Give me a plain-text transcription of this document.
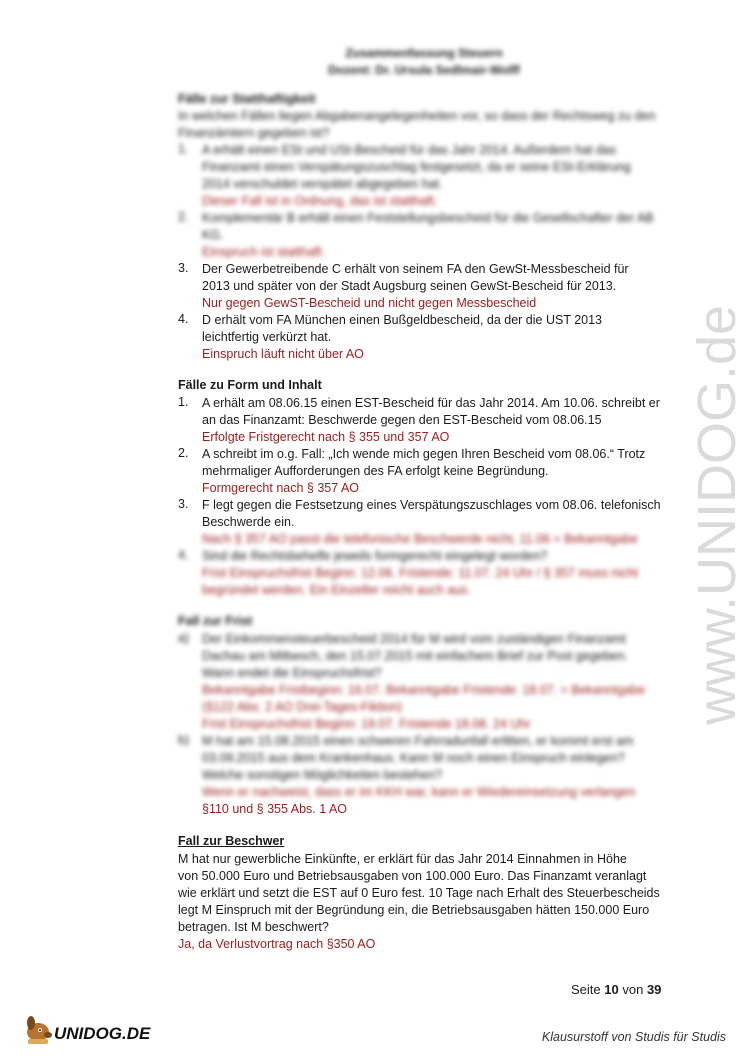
Zusammenfassung Steuern
Dozent: Dr. Ursula Sedlmair-Wolff
Fälle zur Statthaftigkeit
In welchen Fällen liegen Abgabenangelegenheiten vor, so dass der Rechtsweg zu den
Finanzämtern gegeben ist?
1.	A erhält einen ESt und USt-Bescheid für das Jahr 2014. Außerdem hat das
Finanzamt einen Verspätungszuschlag festgesetzt, da er seine ESt-Erklärung
2014 verschuldet verspätet abgegeben hat.
Dieser Fall ist in Ordnung, das ist statthaft.
2.	Komplementär B erhält einen Feststellungsbescheid für die Gesellschafter der AB
KG.
Einspruch ist statthaft.
3.	Der Gewerbetreibende C erhält von seinem FA den GewSt-Messbescheid für
2013 und später von der Stadt Augsburg seinen GewSt-Bescheid für 2013.
Nur gegen GewST-Bescheid und nicht gegen Messbescheid
4.	D erhält vom FA München einen Bußgeldbescheid, da der die UST 2013
leichtfertig verkürzt hat.
Einspruch läuft nicht über AO
Fälle zu Form und Inhalt
1.	A erhält am 08.06.15 einen EST-Bescheid für das Jahr 2014. Am 10.06. schreibt er
an das Finanzamt: Beschwerde gegen den EST-Bescheid vom 08.06.15
Erfolgte Fristgerecht nach § 355 und 357 AO
2.	A schreibt im o.g. Fall: „Ich wende mich gegen Ihren Bescheid vom 08.06.“ Trotz
mehrmaliger Aufforderungen des FA erfolgt keine Begründung.
Formgerecht nach § 357 AO
3.	F legt gegen die Festsetzung eines Verspätungszuschlages vom 08.06. telefonisch
Beschwerde ein.
Nach § 357 AO passt die telefonische Beschwerde nicht, 11.06 = Bekanntgabe
4.	Sind die Rechtsbehelfe jeweils formgerecht eingelegt worden?
Frist Einspruchsfrist Beginn: 12.06. Fristende: 11.07. 24 Uhr / § 357 muss nicht
begründet werden. Ein Einzeller reicht auch aus.
Fall zur Frist
a)	Der Einkommensteuerbescheid 2014 für M wird vom zuständigen Finanzamt
Dachau am Mittwoch, den 15.07.2015 mit einfachem Brief zur Post gegeben.
Wann endet die Einspruchsfrist?
Bekanntgabe Fristbeginn: 16.07. Bekanntgabe Fristende: 18.07. = Bekanntgabe
(§122 Abs. 2 AO Drei-Tages-Fiktion)
Frist Einspruchsfrist Beginn: 19.07. Fristende 18.08. 24 Uhr
b)	M hat am 15.08.2015 einen schweren Fahrradunfall erlitten, er kommt erst am
03.09.2015 aus dem Krankenhaus. Kann M noch einen Einspruch einlegen?
Welche sonstigen Möglichkeiten bestehen?
Wenn er nachweist, dass er im KKH war, kann er Wiedereinsetzung verlangen
§110 und § 355 Abs. 1 AO
Fall zur Beschwer
M hat nur gewerbliche Einkünfte, er erklärt für das Jahr 2014 Einnahmen in Höhe
von 50.000 Euro und Betriebsausgaben von 100.000 Euro. Das Finanzamt veranlagt
wie erklärt und setzt die EST auf 0 Euro fest. 10 Tage nach Erhalt des Steuerbescheids
legt M Einspruch mit der Begründung ein, die Betriebsausgaben hätten 150.000 Euro
betragen. Ist M beschwert?
Ja, da Verlustvortrag nach §350 AO
Seite 10 von 39
www.UNIDOG.de
UNIDOG.DE	Klausurstoff von Studis für Studis
